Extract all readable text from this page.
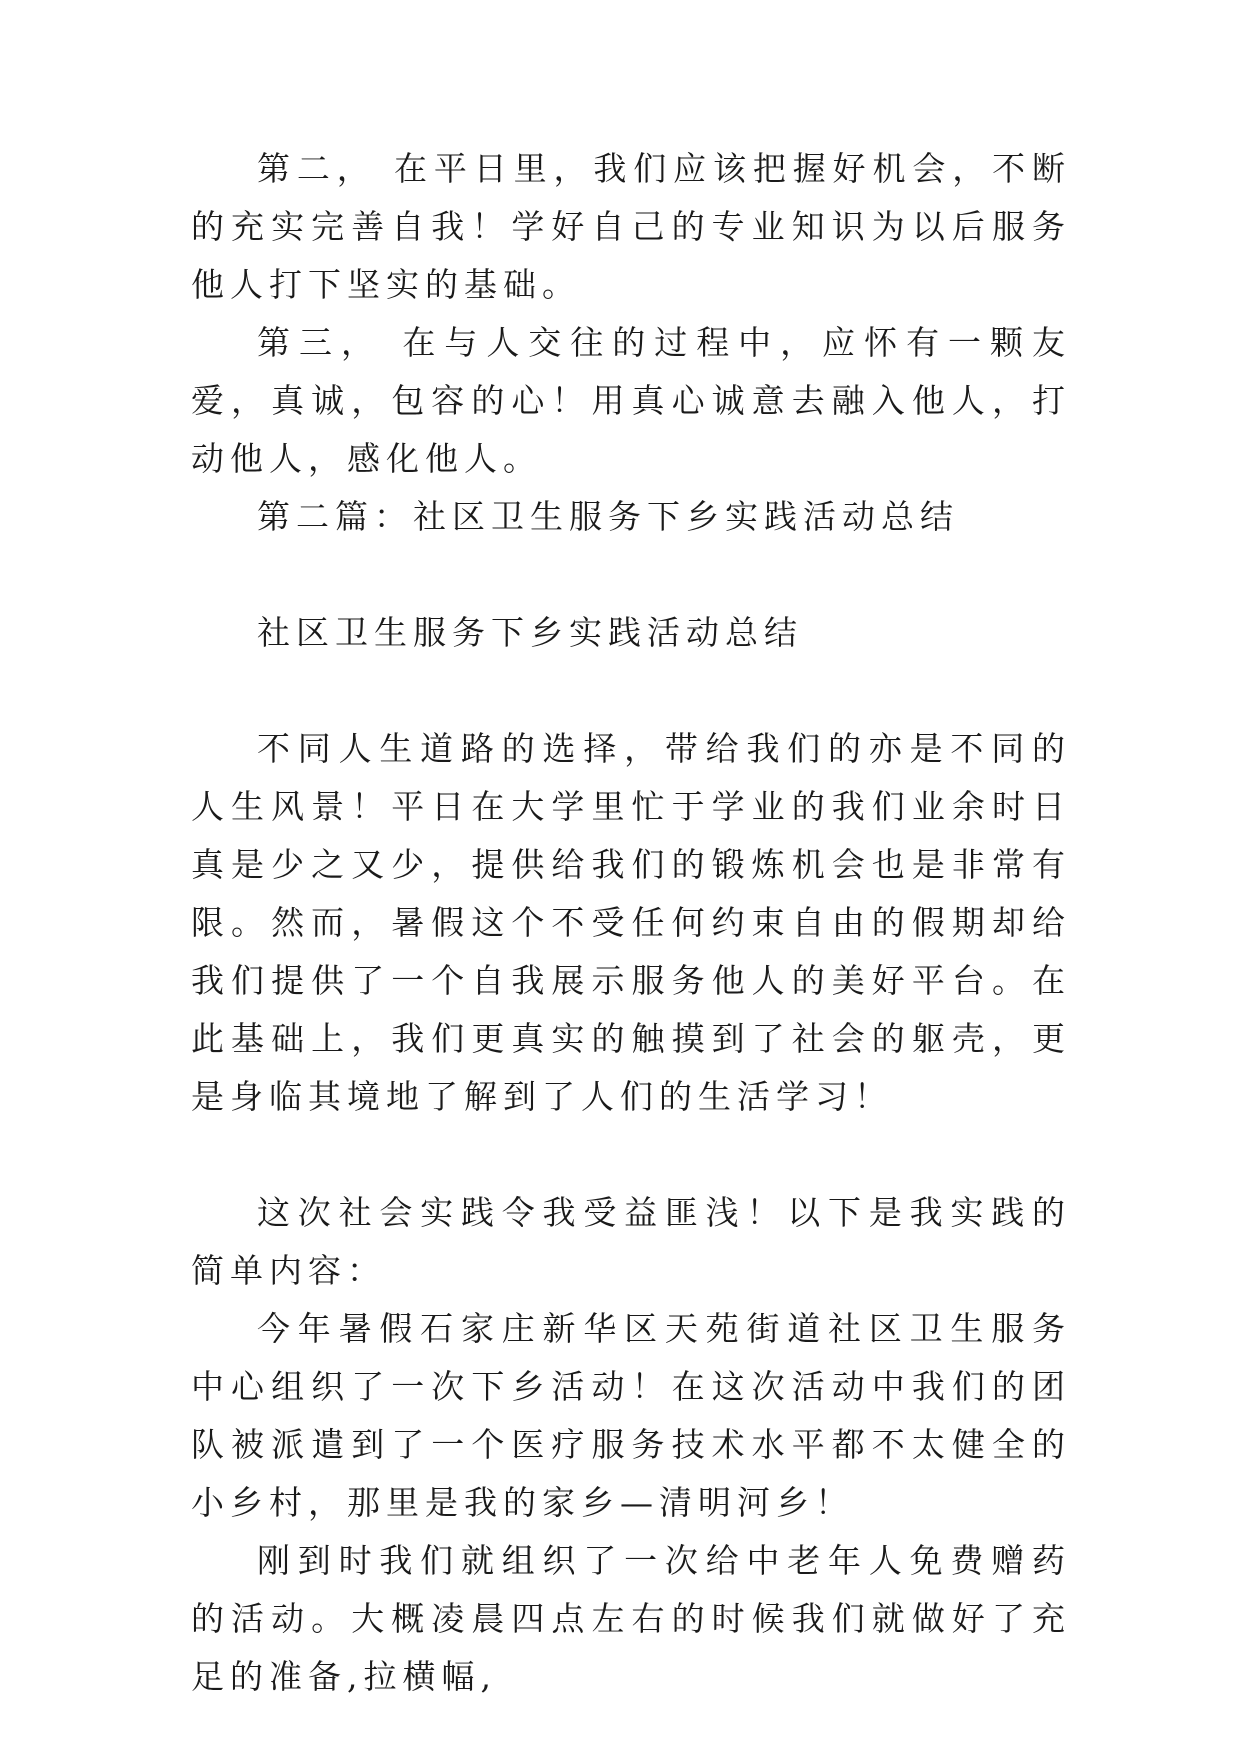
第二， 在平日里，我们应该把握好机会，不断的充实完善自我！学好自己的专业知识为以后服务他人打下坚实的基础。

第三， 在与人交往的过程中，应怀有一颗友爱，真诚，包容的心！用真心诚意去融入他人，打动他人，感化他人。

第二篇：社区卫生服务下乡实践活动总结

社区卫生服务下乡实践活动总结

不同人生道路的选择，带给我们的亦是不同的人生风景！平日在大学里忙于学业的我们业余时日真是少之又少，提供给我们的锻炼机会也是非常有限。然而，暑假这个不受任何约束自由的假期却给我们提供了一个自我展示服务他人的美好平台。在此基础上，我们更真实的触摸到了社会的躯壳，更是身临其境地了解到了人们的生活学习！

这次社会实践令我受益匪浅！以下是我实践的简单内容：

今年暑假石家庄新华区天苑街道社区卫生服务中心组织了一次下乡活动！在这次活动中我们的团队被派遣到了一个医疗服务技术水平都不太健全的小乡村，那里是我的家乡—清明河乡！

刚到时我们就组织了一次给中老年人免费赠药的活动。大概凌晨四点左右的时候我们就做好了充足的准备,拉横幅,
